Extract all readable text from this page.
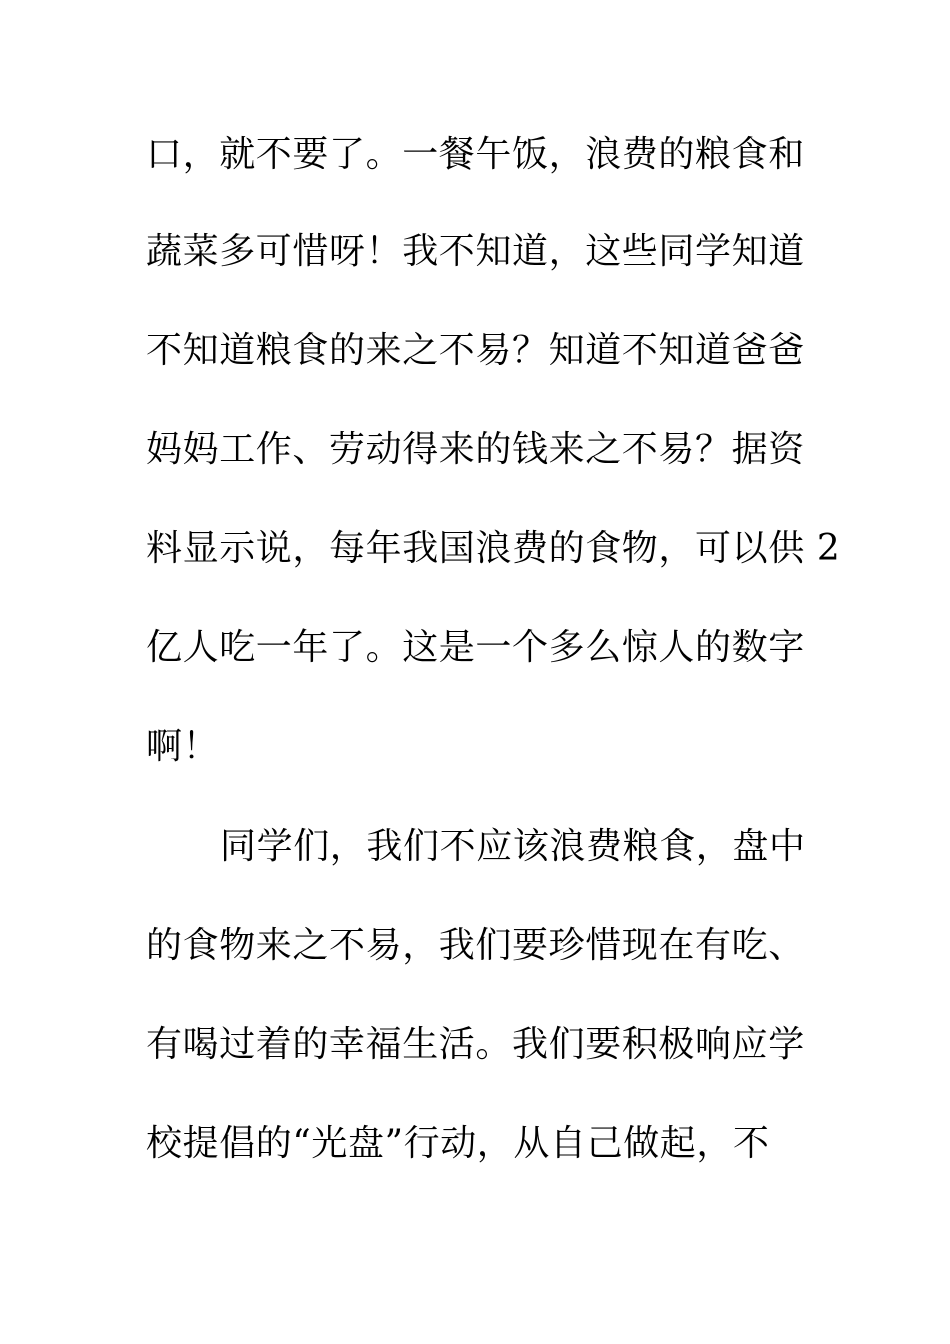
口，就不要了。一餐午饭，浪费的粮食和
蔬菜多可惜呀！我不知道，这些同学知道
不知道粮食的来之不易？知道不知道爸爸
妈妈工作、劳动得来的钱来之不易？据资
料显示说，每年我国浪费的食物，可以供 2
亿人吃一年了。这是一个多么惊人的数字
啊！
同学们，我们不应该浪费粮食，盘中
的食物来之不易，我们要珍惜现在有吃、
有喝过着的幸福生活。我们要积极响应学
校提倡的“光盘”行动，从自己做起，不
